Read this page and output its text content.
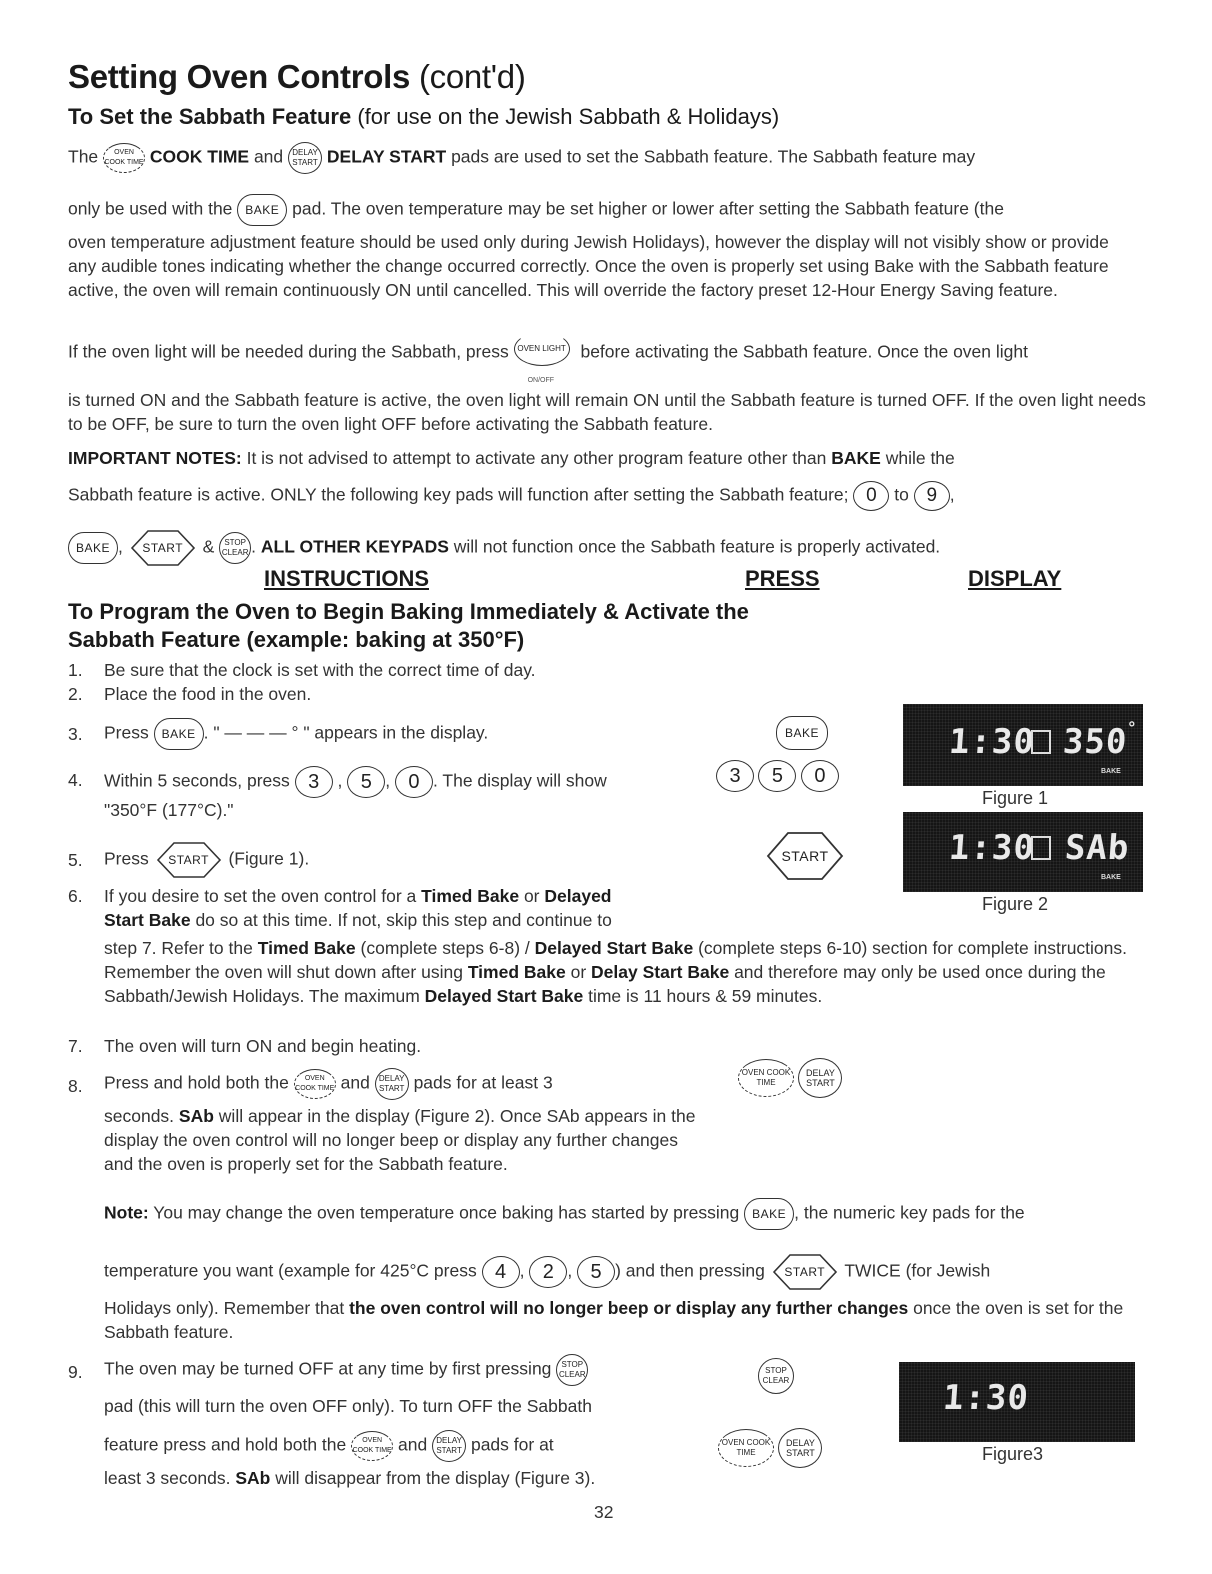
Setting Oven Controls (cont'd)
To Set the Sabbath Feature (for use on the Jewish Sabbath & Holidays)
The OVEN COOK TIME COOK TIME and DELAY START DELAY START pads are used to set the Sabbath feature. The Sabbath feature may
only be used with the BAKE pad. The oven temperature may be set higher or lower after setting the Sabbath feature (the
oven temperature adjustment feature should be used only during Jewish Holidays), however the display will not visibly show or provide any audible tones indicating whether the change occurred correctly. Once the oven is properly set using Bake with the Sabbath feature active, the oven will remain continuously ON until cancelled. This will override the factory preset 12-Hour Energy Saving feature.
If the oven light will be needed during the Sabbath, press	OVEN LIGHT
ON/OFF
before activating the Sabbath feature. Once the oven light
is turned ON and the Sabbath feature is active, the oven light will remain ON until the Sabbath feature is turned OFF. If the oven light needs to be OFF, be sure to turn the oven light OFF before activating the Sabbath feature.
IMPORTANT NOTES: It is not advised to attempt to activate any other program feature other than BAKE while the
Sabbath feature is active. ONLY the following key pads will function after setting the Sabbath feature; 0 to 9 ,
BAKE , START & STOP CLEAR . ALL OTHER KEYPADS will not function once the Sabbath feature is properly activated.
INSTRUCTIONS	PRESS	DISPLAY
To Program the Oven to Begin Baking Immediately & Activate the
Sabbath Feature (example: baking at 350°F)
1.	Be sure that the clock is set with the correct time of day.
2.	Place the food in the oven.
3.	Press BAKE . " — — — ° " appears in the display.	BAKE
4.	Within 5 seconds, press 3 , 5 , 0 . The display will show
"350°F (177°C)."
3 5 0
1:30 350
°
BAKE
Figure 1
5.	Press START (Figure 1).	START	1:30 SAb
BAKE
Figure 2
6.	If you desire to set the oven control for a Timed Bake or Delayed
Start Bake do so at this time. If not, skip this step and continue to
step 7. Refer to the Timed Bake (complete steps 6-8) / Delayed Start Bake (complete steps 6-10) section for complete instructions. Remember the oven will shut down after using Timed Bake or Delay Start Bake and therefore may only be used once during the Sabbath/Jewish Holidays. The maximum Delayed Start Bake time is 11 hours & 59 minutes.
7.	The oven will turn ON and begin heating.
8.	Press and hold both the OVEN COOK TIME and DELAY START pads for at least 3
OVEN COOK TIME DELAY START
seconds. SAb will appear in the display (Figure 2). Once SAb appears in the display the oven control will no longer beep or display any further changes and the oven is properly set for the Sabbath feature.
Note: You may change the oven temperature once baking has started by pressing BAKE , the numeric key pads for the
temperature you want (example for 425°C press 4 , 2 , 5 ) and then pressing START TWICE (for Jewish
Holidays only). Remember that the oven control will no longer beep or display any further changes once the oven is set for the Sabbath feature.
9.	The oven may be turned OFF at any time by first pressing STOP CLEAR
pad (this will turn the oven OFF only). To turn OFF the Sabbath
feature press and hold both the OVEN COOK TIME and DELAY START pads for at
least 3 seconds. SAb will disappear from the display (Figure 3).
STOP CLEAR
OVEN COOK TIME DELAY START
1:30
Figure3
32
